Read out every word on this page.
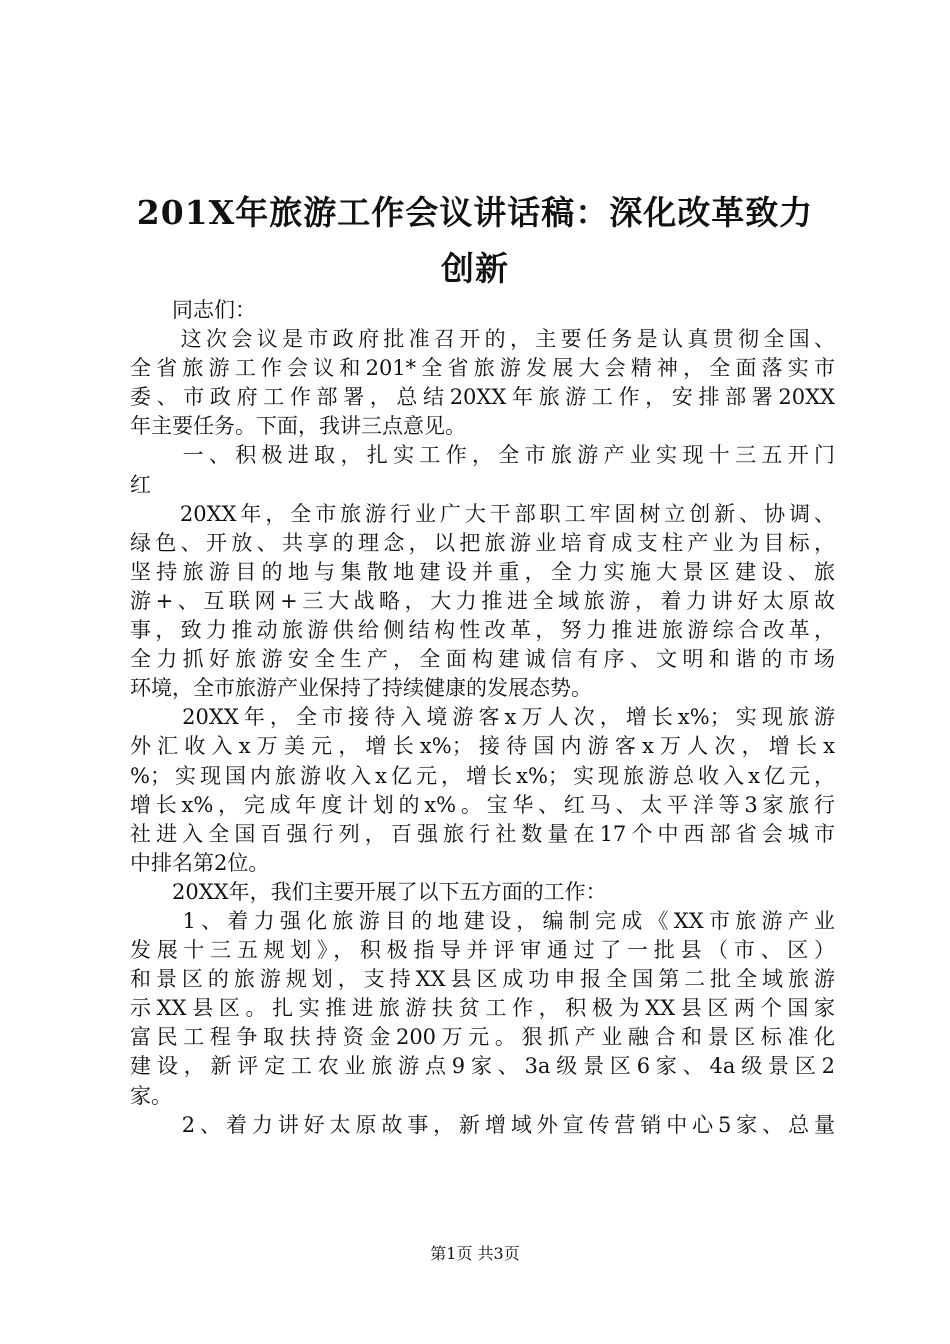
201X年旅游工作会议讲话稿：深化改革致力
创新
　　同志们：
　　这次会议是市政府批准召开的，主要任务是认真贯彻全国、
全省旅游工作会议和201*全省旅游发展大会精神，全面落实市
委、市政府工作部署，总结20XX年旅游工作，安排部署20XX
年主要任务。下面，我讲三点意见。
　　一、积极进取，扎实工作，全市旅游产业实现十三五开门
红
　　20XX年，全市旅游行业广大干部职工牢固树立创新、协调、
绿色、开放、共享的理念，以把旅游业培育成支柱产业为目标，
坚持旅游目的地与集散地建设并重，全力实施大景区建设、旅
游+、互联网+三大战略，大力推进全域旅游，着力讲好太原故
事，致力推动旅游供给侧结构性改革，努力推进旅游综合改革，
全力抓好旅游安全生产，全面构建诚信有序、文明和谐的市场
环境，全市旅游产业保持了持续健康的发展态势。
　　20XX年，全市接待入境游客x万人次，增长x%；实现旅游
外汇收入x万美元，增长x%；接待国内游客x万人次，增长x
%；实现国内旅游收入x亿元，增长x%；实现旅游总收入x亿元，
增长x%，完成年度计划的x%。宝华、红马、太平洋等3家旅行
社进入全国百强行列，百强旅行社数量在17个中西部省会城市
中排名第2位。
　　20XX年，我们主要开展了以下五方面的工作：
　　1、着力强化旅游目的地建设，编制完成《XX市旅游产业
发展十三五规划》，积极指导并评审通过了一批县（市、区）
和景区的旅游规划，支持XX县区成功申报全国第二批全域旅游
示XX县区。扎实推进旅游扶贫工作，积极为XX县区两个国家
富民工程争取扶持资金200万元。狠抓产业融合和景区标准化
建设，新评定工农业旅游点9家、3a级景区6家、4a级景区2
家。
　　2、着力讲好太原故事，新增域外宣传营销中心5家、总量
第1页 共3页
